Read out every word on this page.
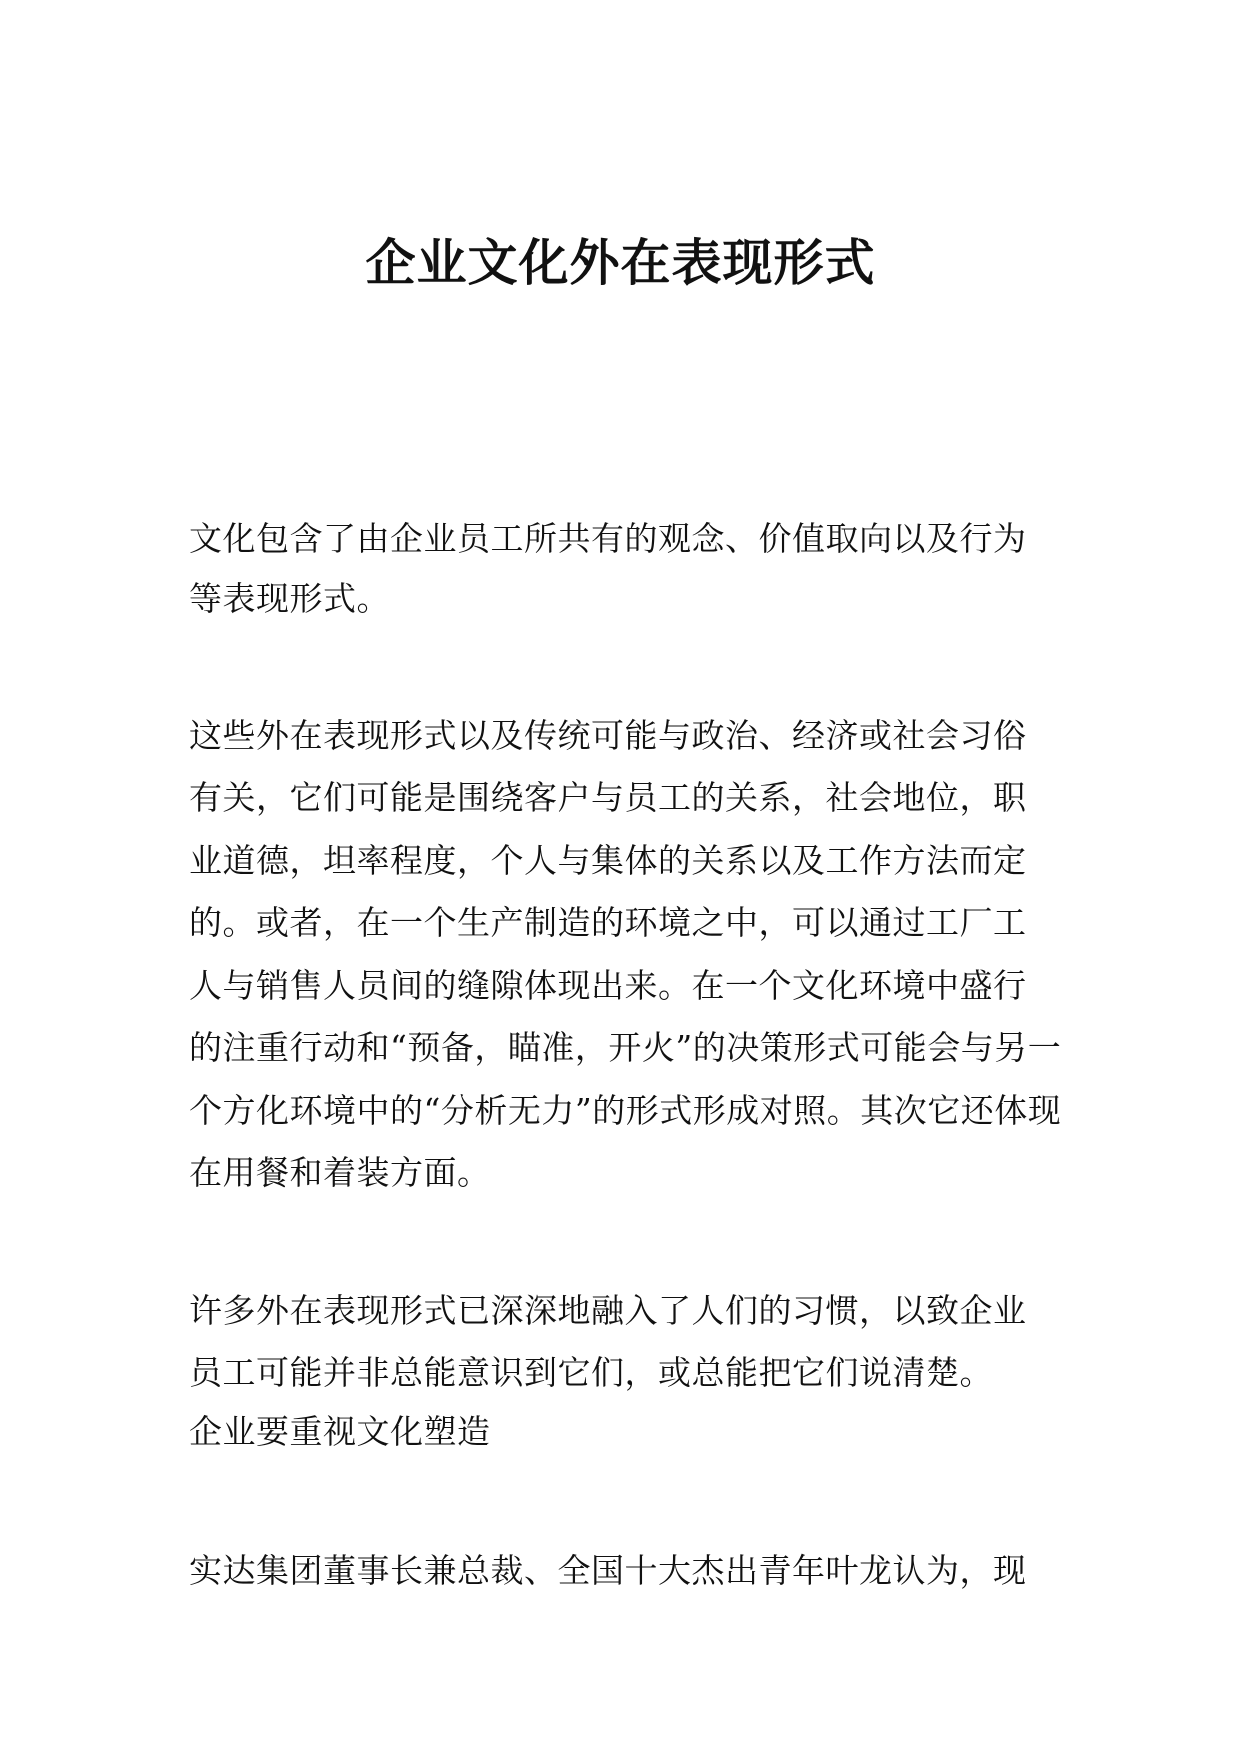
企业文化外在表现形式
文化包含了由企业员工所共有的观念、价值取向以及行为
等表现形式。
这些外在表现形式以及传统可能与政治、经济或社会习俗
有关，它们可能是围绕客户与员工的关系，社会地位，职
业道德，坦率程度，个人与集体的关系以及工作方法而定
的。或者，在一个生产制造的环境之中，可以通过工厂工
人与销售人员间的缝隙体现出来。在一个文化环境中盛行
的注重行动和“预备，瞄准，开火”的决策形式可能会与另一
个方化环境中的“分析无力”的形式形成对照。其次它还体现
在用餐和着装方面。
许多外在表现形式已深深地融入了人们的习惯，以致企业
员工可能并非总能意识到它们，或总能把它们说清楚。
企业要重视文化塑造
实达集团董事长兼总裁、全国十大杰出青年叶龙认为，现
